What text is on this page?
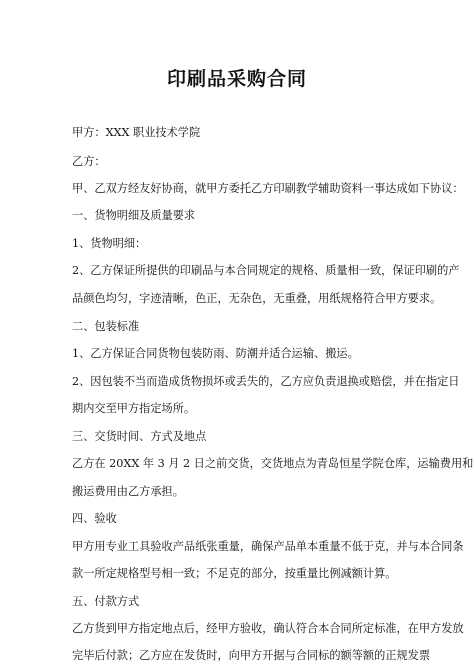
印刷品采购合同
甲方：XXX 职业技术学院
乙方：
甲、乙双方经友好协商，就甲方委托乙方印刷教学辅助资料一事达成如下协议：
一、货物明细及质量要求
1、货物明细：
2、乙方保证所提供的印刷品与本合同规定的规格、质量相一致，保证印刷的产
品颜色均匀，字迹清晰，色正，无杂色，无重叠，用纸规格符合甲方要求。
二、包装标准
1、乙方保证合同货物包装防雨、防潮并适合运输、搬运。
2、因包装不当而造成货物损坏或丢失的，乙方应负责退换或赔偿，并在指定日
期内交至甲方指定场所。
三、交货时间、方式及地点
乙方在 20XX 年 3 月 2 日之前交货，交货地点为青岛恒星学院仓库，运输费用和
搬运费用由乙方承担。
四、验收
甲方用专业工具验收产品纸张重量，确保产品单本重量不低于克，并与本合同条
款一所定规格型号相一致；不足克的部分，按重量比例减额计算。
五、付款方式
乙方货到甲方指定地点后，经甲方验收，确认符合本合同所定标准，在甲方发放
完毕后付款；乙方应在发货时，向甲方开据与合同标的额等额的正规发票
